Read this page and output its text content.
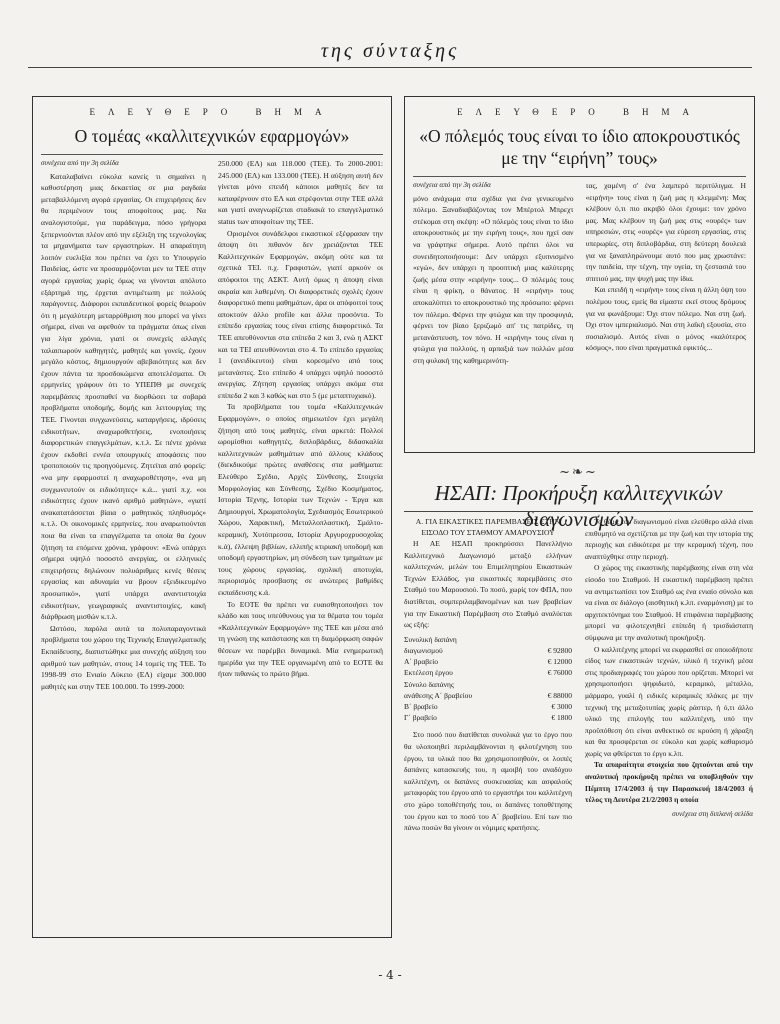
της σύνταξης
ΕΛΕΥΘΕΡΟ ΒΗΜΑ
Ο τομέας «καλλιτεχνικών εφαρμογών»
συνέχεια από την 3η σελίδα

Καταλαβαίνει εύκολα κανείς τι σημαίνει η καθυστέρηση μιας δεκαετίας σε μια ραγδαία μεταβαλλόμενη αγορά εργασίας. Οι επιχειρήσεις δεν θα περιμένουν τους αποφοίτους μας. Να αναλογιστούμε, για παράδειγμα, πόσο γρήγορα ξεπερνιούνται πλέον από την εξέλιξη της τεχνολογίας τα μηχανήματα των εργαστηρίων. Η απαραίτητη λοιπόν ευελιξία που πρέπει να έχει το Υπουργείο Παιδείας, ώστε να προσαρμόζονται μεν τα ΤΕΕ στην αγορά εργασίας χωρίς όμως να γίνονται απόλυτο εξάρτημά της, έρχεται αντιμέτωπη με πολλούς παράγοντες. Διάφοροι εκπαιδευτικοί φορείς θεωρούν ότι η μεγαλύτερη μεταρρύθμιση που μπορεί να γίνει σήμερα, είναι να αφεθούν τα πράγματα όπως είναι για λίγα χρόνια, γιατί οι συνεχείς αλλαγές ταλαιπωρούν καθηγητές, μαθητές και γονείς, έχουν μεγάλο κόστος, δημιουργούν αβεβαιότητες και δεν έχουν πάντα τα προσδοκώμενα αποτελέσματα. Οι ερμηνείες γράφουν ότι το ΥΠΕΠΘ με συνεχείς παρεμβάσεις προσπαθεί να διορθώσει τα σοβαρά προβλήματα υποδομής, δομής και λειτουργίας της ΤΕΕ. Γίνονται συγχωνεύσεις, καταργήσεις, ιδρύσεις ειδικοτήτων, αναχωροθετήσεις, ενοποιήσεις διαφορετικών επαγγελμάτων, κ.τ.λ. Σε πέντε χρόνια έχουν εκδοθεί εννέα υπουργικές αποφάσεις που τροποποιούν τις προηγούμενες. Ζητείται από φορείς: «να μην εφαρμοστεί η αναχωροθέτηση», «να μη συγχωνευτούν οι ειδικότητες» κ.ά... γιατί π.χ. «οι ειδικότητες έχουν ικανό αριθμό μαθητών», «γιατί ανακατατάσσεται βίαια ο μαθητικός πληθυσμός» κ.τ.λ. Οι οικονομικές ερμηνείες, που αναρωτιούνται ποια θα είναι τα επαγγέλματα τα οποία θα έχουν ζήτηση τα επόμενα χρόνια, γράφουν: «Ενώ υπάρχει σήμερα υψηλό ποσοστό ανεργίας, οι ελληνικές επιχειρήσεις δηλώνουν πολυάριθμες κενές θέσεις εργασίας και αδυναμία να βρουν εξειδικευμένο προσωπικό», γιατί υπάρχει αναντιστοιχία ειδικοτήτων, γεωγραφικές αναντιστοιχίες, κακή διάρθρωση μισθών κ.τ.λ.

Ωστόσο, παρόλα αυτά τα πολυπαραγοντικά προβλήματα του χώρου της Τεχνικής Επαγγελματικής Εκπαίδευσης, διαπιστώθηκε μια συνεχής αύξηση του αριθμού των μαθητών, στους 14 τομείς της ΤΕΕ. Το 1998-99 στο Ενιαίο Λύκειο (ΕΛ) είχαμε 300.000 μαθητές και στην ΤΕΕ 100.000. Το 1999-2000:

250.000 (ΕΛ) και 118.000 (ΤΕΕ). Το 2000-2001: 245.000 (ΕΛ) και 133.000 (ΤΕΕ). Η αύξηση αυτή δεν γίνεται μόνο επειδή κάποιοι μαθητές δεν τα καταφέρνουν στο ΕΛ και στρέφονται στην ΤΕΕ αλλά και γιατί αναγνωρίζεται σταδιακά το επαγγελματικό status των αποφοίτων της ΤΕΕ.

Ορισμένοι συνάδελφοι εικαστικοί εξέφρασαν την άποψη ότι πιθανόν δεν χρειάζονται ΤΕΕ Καλλιτεχνικών Εφαρμογών, ακόμη ούτε και τα σχετικά ΤΕΙ. π.χ. Γραφιστών, γιατί αρκούν οι απόφοιτοι της ΑΣΚΤ. Αυτή όμως η άποψη είναι ακραία και λαθεμένη. Οι διαφορετικές σχολές έχουν διαφορετικό menu μαθημάτων, άρα οι απόφοιτοί τους αποκτούν άλλο profile και άλλα προσόντα. Το επίπεδο εργασίας τους είναι επίσης διαφορετικό. Τα ΤΕΕ απευθύνονται στα επίπεδα 2 και 3, ενώ η ΑΣΚΤ και τα ΤΕΙ απευθύνονται στο 4. Το επίπεδο εργασίας 1 (ανειδίκευτοι) είναι κορεσμένο από τους μετανάστες. Στο επίπεδο 4 υπάρχει υψηλό ποσοστό ανεργίας. Ζήτηση εργασίας υπάρχει ακόμα στα επίπεδα 2 και 3 καθώς και στο 5 (με μεταπτυχιακό).

Τα προβλήματα του τομέα «Καλλιτεχνικών Εφαρμογών», ο οποίος σημειωτέον έχει μεγάλη ζήτηση από τους μαθητές, είναι αρκετά: Πολλοί ωρομίσθιοι καθηγητές, διπλοβάρδιες, διδασκαλία καλλιτεχνικών μαθημάτων από άλλους κλάδους (διεκδικούμε πρώτες αναθέσεις στα μαθήματα: Ελεύθερο Σχέδιο, Αρχές Σύνθεσης, Στοιχεία Μορφολογίας και Σύνθεσης, Σχέδιο Κοσμήματος, Ιστορία Τέχνης, Ιστορία των Τεχνών - Έργα και Δημιουργοί, Χρωματολογία, Σχεδιασμός Εσωτερικού Χώρου, Χαρακτική, Μεταλλοπλαστική, Σμάλτο-κεραμική, Χυτόπρεσσα, Ιστορία Αργυροχρυσοχοΐας κ.ά), έλλειψη βιβλίων, ελλιπής κτιριακή υποδομή και υποδομή εργαστηρίων, μη σύνδεση των τμημάτων με τους χώρους εργασίας, σχολική αποτυχία, περιορισμός προσβασης σε ανώτερες βαθμίδες εκπαίδευσης κ.ά.

Το ΕΟΤΕ θα πρέπει να ευαισθητοποιήσει τον κλάδο και τους υπεύθυνους για τα θέματα του τομέα «Καλλιτεχνικών Εφαρμογών» της ΤΕΕ και μέσα από τη γνώση της κατάστασης και τη διαμόρφωση σαφών θέσεων να παρέμβει δυναμικά. Μία ενημερωτική ημερίδα για την ΤΕΕ οργανωμένη από το ΕΟΤΕ θα ήταν πιθανώς το πρώτο βήμα.

ΕΛΕΥΘΕΡΟ ΒΗΜΑ
«Ο πόλεμός τους είναι το ίδιο αποκρουστικός με την “ειρήνη” τους»
συνέχεια από την 3η σελίδα

μόνο ανάχωμα στα σχέδια για ένα γενικευμένο πόλεμο. Ξαναδιαβάζοντας τον Μπέρτολ Μπρεχτ στέκομαι στη σκέψη: «Ο πόλεμός τους είναι το ίδιο αποκρουστικός με την ειρήνη τους», που ηχεί σαν να γράφτηκε σήμερα. Αυτό πρέπει όλοι να συνειδητοποιήσουμε: Δεν υπάρχει εξυπνισμένο «εγώ», δεν υπάρχει η προοπτική μιας καλύτερης ζωής μέσα στην «ειρήνη» τους... Ο πόλεμός τους είναι η φρίκη, ο θάνατος. Η «ειρήνη» τους αποκαλύπτει το αποκρουστικό της πρόσωπο: φέρνει τον πόλεμο. Φέρνει την φτώχια και την προσφυγιά, φέρνει τον βίαιο ξεριζωμό απ' τις πατρίδες, τη μετανάστευση, τον πόνο. Η «ειρήνη» τους είναι η φτώχια για πολλούς, η αρπαξιά των πολλών μέσα στη φυλακή της καθημερινότη-

τας, χαμένη σ' ένα λαμπερό περιτύλιγμα. Η «ειρήνη» τους είναι η ζωή μας η κλεμμένη: Μας κλέβουν ό,τι πιο ακριβό όλοι έχουμε: τον χρόνο μας. Μας κλέβουν τη ζωή μας στις «ουρές» των υπηρεσιών, στις «ουρές» για εύρεση εργασίας, στις υπερωρίες, στη διπλοβάρδια, στη δεύτερη δουλειά για να ξαναπληρώνουμε αυτό που μας χρωστάνε: την παιδεία, την τέχνη, την υγεία, τη ζεστασιά του σπιτιού μας, την ψυχή μας την ίδια.

Και επειδή η «ειρήνη» τους είναι η άλλη όψη του πολέμου τους, εμείς θα είμαστε εκεί στους δρόμους για να φωνάξουμε: Όχι στον πόλεμο. Ναι στη ζωή. Όχι στον ιμπεριαλισμό. Ναι στη λαϊκή εξουσία, στο σοσιαλισμό. Αυτός είναι ο μόνος «καλύτερος κόσμος», που είναι πραγματικά εφικτός...

~❧~
ΗΣΑΠ: Προκήρυξη καλλιτεχνικών διαγωνισμών

Α. ΓΙΑ ΕΙΚΑΣΤΙΚΕΣ ΠΑΡΕΜΒΑΣΕΙΣ ΣΤΗΝ ΕΙΣΟΔΟ ΤΟΥ ΣΤΑΘΜΟΥ ΑΜΑΡΟΥΣΙΟΥ

Η ΑΕ ΗΣΑΠ προκηρύσσει Πανελλήνιο Καλλιτεχνικό Διαγωνισμό μεταξύ ελλήνων καλλιτεχνών, μελών του Επιμελητηρίου Εικαστικών Τεχνών Ελλάδος, για εικαστικές παρεμβάσεις στο Σταθμό του Μαρουσιού. Το ποσό, χωρίς τον ΦΠΑ, που διατίθεται, συμπεριλαμβανομένων και των βραβείων για την Εικαστική Παρέμβαση στο Σταθμό αναλύεται ως εξής:

Συνολική δαπάνη	
διαγωνισμού	€ 92800
Α΄ βραβείο	€ 12000
Εκτέλεση έργου	€ 76000
Σύνολο δαπάνης	
ανάθεσης Α΄ βραβείου	€ 88000
Β΄ βραβείο	€ 3000
Γ΄ βραβείο	€ 1800

Στο ποσό που διατίθεται συνολικά για το έργο που θα υλοποιηθεί περιλαμβάνονται η φιλοτέχνηση του έργου, τα υλικά που θα χρησιμοποιηθούν, οι λοιπές δαπάνες κατασκευής του, η αμοιβή του αναδόχου καλλιτέχνη, οι δαπάνες συσκευασίας και ασφαλούς μεταφοράς του έργου από το εργαστήρι του καλλιτέχνη στο χώρο τοποθέτησής του, οι δαπάνες τοποθέτησης του έργου και το ποσό του Α΄ βραβείου. Επί των πιο πάνω ποσών θα γίνουν οι νόμιμες κρατήσεις.

Το θέμα του διαγωνισμού είναι ελεύθερο αλλά είναι επιθυμητό να σχετίζεται με την ζωή και την ιστορία της περιοχής και ειδικότερα με την κεραμική τέχνη, που αναπτύχθηκε στην περιοχή.

Ο χώρος της εικαστικής παρέμβασης είναι στη νέα είσοδο του Σταθμού. Η εικαστική παρέμβαση πρέπει να αντιμετωπίσει τον Σταθμό ως ένα ενιαίο σύνολο και να είναι σε διάλογο (αισθητική κ.λπ. εναρμόνιση) με το αρχιτεκτόνημα του Σταθμού. Η επιφάνεια παρέμβασης μπορεί να φιλοτεχνηθεί επίπεδη ή τρισδιάστατη σύμφωνα με την αναλυτική προκήρυξη.

Ο καλλιτέχνης μπορεί να εκφρασθεί σε οποιοδήποτε είδος των εικαστικών τεχνών, υλικό ή τεχνική μέσα στις προδιαγραφές του χώρου που ορίζεται. Μπορεί να χρησιμοποιήσει ψηφιδωτό, κεραμικό, μέταλλο, μάρμαρο, γυαλί ή ειδικές κεραμικές πλάκες με την τεχνική της μεταξοτυπίας χωρίς ράστερ, ή ό,τι άλλο υλικό της επιλογής του καλλιτέχνη, υπό την προϋπόθεση ότι είναι ανθεκτικό σε κρούση ή χάραξη και θα προσφέρεται σε εύκολο και χωρίς καθαρισμό χωρίς να φθείρεται το έργο κ.λπ.

Τα απαραίτητα στοιχεία που ζητούνται από την αναλυτική προκήρυξη πρέπει να υποβληθούν την Πέμπτη 17/4/2003 ή την Παρασκευή 18/4/2003 ή τέλος τη Δευτέρα 21/2/2003 η οποία

συνέχεια στη διπλανή σελίδα
- 4 -
